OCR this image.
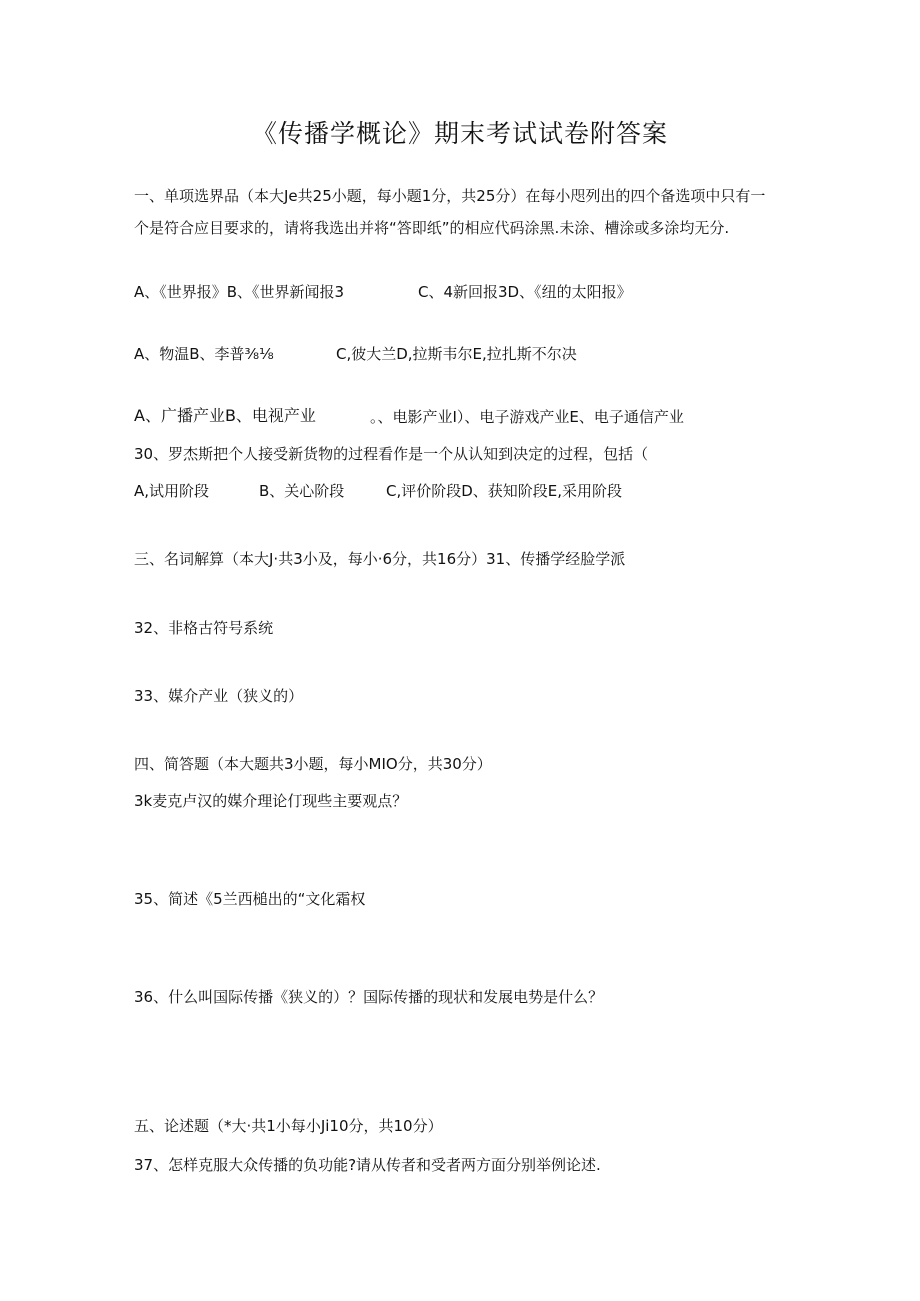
《传播学概论》期末考试试卷附答案
一、单项选界品（本大Je共25小题，每小题1分，共25分）在每小咫列出的四个备选项中只有一
个是符合应目要求的，请将我选出并将“答即纸”的相应代码涂黑.未涂、槽涂或多涂均无分.
A、《世界报》B、《世界新闻报3	C、4新回报3D、《纽的太阳报》
A、物温B、李普⅜⅛	C,彼大兰D,拉斯韦尔E,拉扎斯不尔决
A、广播产业B、电视产业	。、电影产业I）、电子游戏产业E、电子通信产业
30、罗杰斯把个人接受新货物的过程看作是一个从认知到决定的过程，包括（
A,试用阶段	B、关心阶段	C,评价阶段D、获知阶段E,采用阶段
三、名词解算（本大J·共3小及，每小·6分，共16分）31、传播学经脸学派
32、非格古符号系统
33、媒介产业（狭义的）
四、简答题（本大题共3小题，每小MIO分，共30分）
3k麦克卢汉的媒介理论仃现些主要观点？
35、简述《5兰西槌出的“文化霜权
36、什么叫国际传播《狭义的）？国际传播的现状和发展电势是什么？
五、论述题（*大·共1小每小Ji10分，共10分）
37、怎样克服大众传播的负功能?请从传者和受者两方面分别举例论述.
